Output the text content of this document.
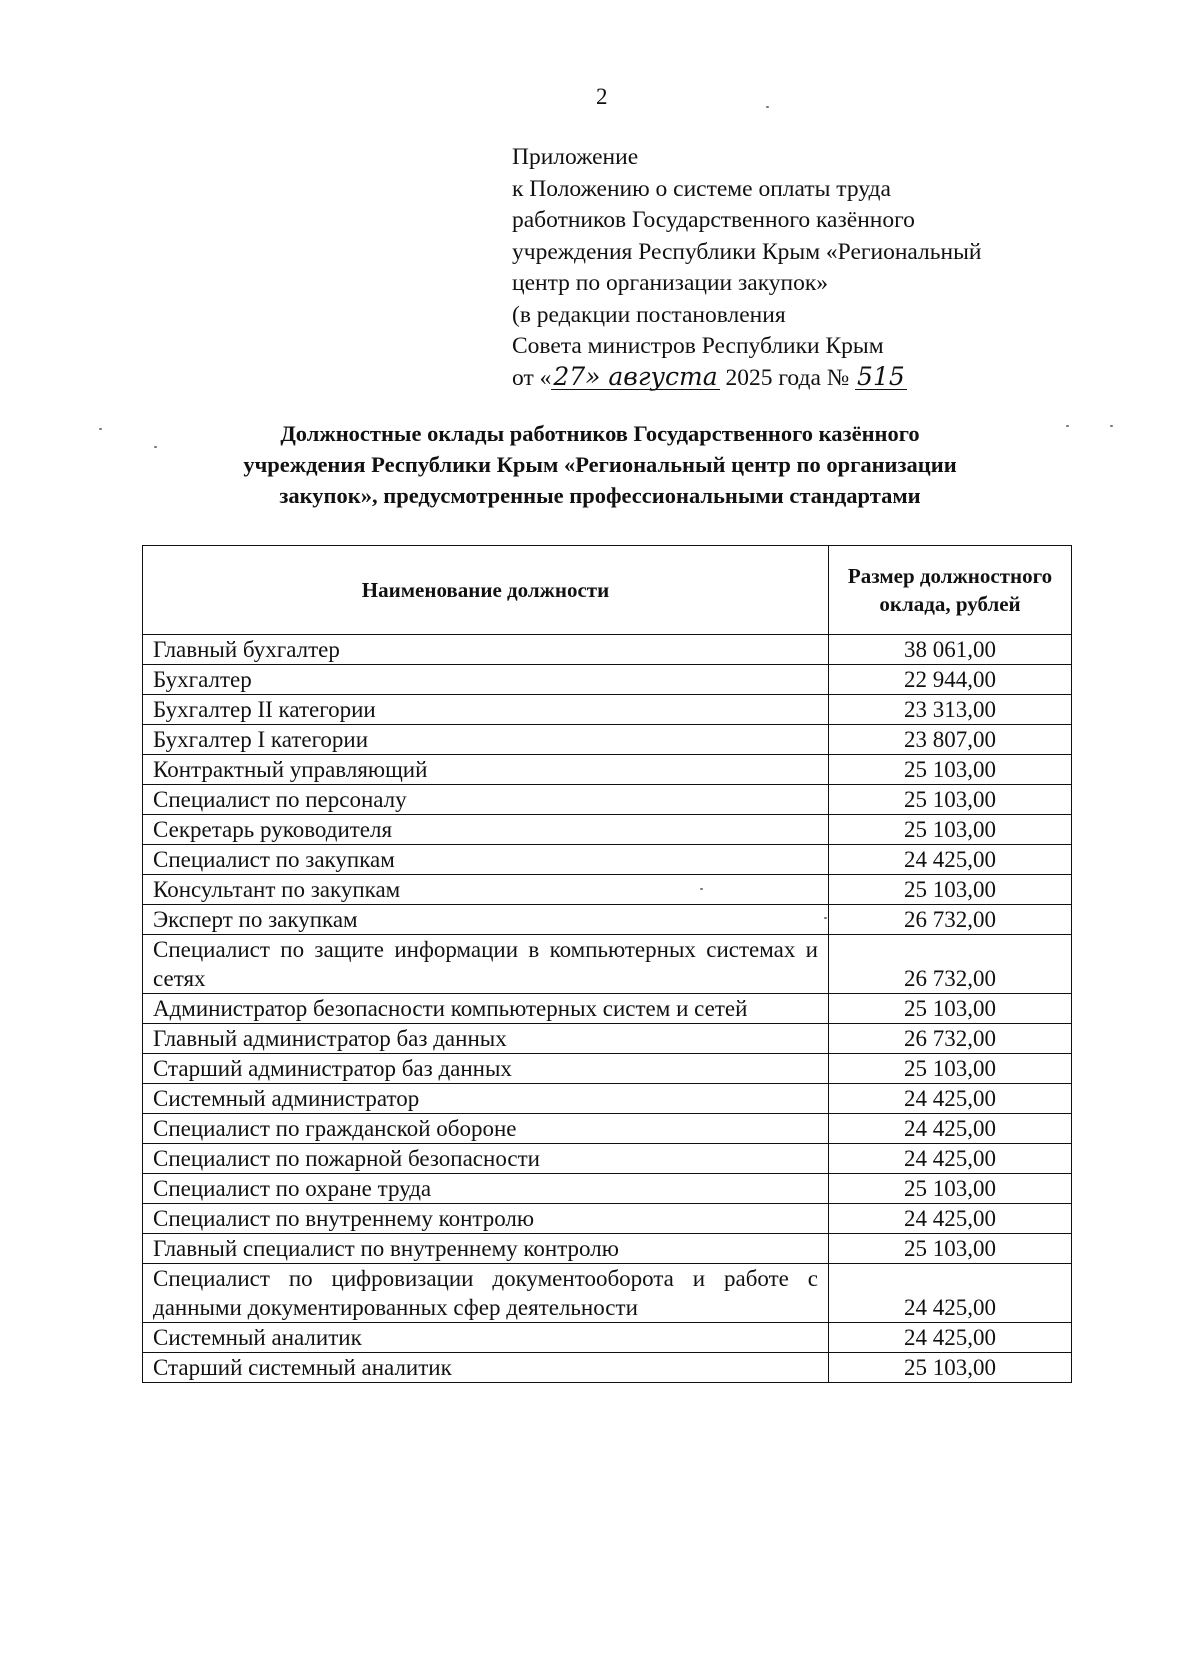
2
Приложение
к Положению о системе оплаты труда
работников Государственного казённого
учреждения Республики Крым «Региональный
центр по организации закупок»
(в редакции постановления
Совета министров Республики Крым
от «27» августа 2025 года № 515
Должностные оклады работников Государственного казённого
учреждения Республики Крым «Региональный центр по организации
закупок», предусмотренные профессиональными стандартами
Наименование должности	Размер должностного оклада, рублей
Главный бухгалтер	38 061,00
Бухгалтер	22 944,00
Бухгалтер II категории	23 313,00
Бухгалтер I категории	23 807,00
Контрактный управляющий	25 103,00
Специалист по персоналу	25 103,00
Секретарь руководителя	25 103,00
Специалист по закупкам	24 425,00
Консультант по закупкам	25 103,00
Эксперт по закупкам	26 732,00
Специалист по защите информации в компьютерных системах и сетях	26 732,00
Администратор безопасности компьютерных систем и сетей	25 103,00
Главный администратор баз данных	26 732,00
Старший администратор баз данных	25 103,00
Системный администратор	24 425,00
Специалист по гражданской обороне	24 425,00
Специалист по пожарной безопасности	24 425,00
Специалист по охране труда	25 103,00
Специалист по внутреннему контролю	24 425,00
Главный специалист по внутреннему контролю	25 103,00
Специалист по цифровизации документооборота и работе с данными документированных сфер деятельности	24 425,00
Системный аналитик	24 425,00
Старший системный аналитик	25 103,00
